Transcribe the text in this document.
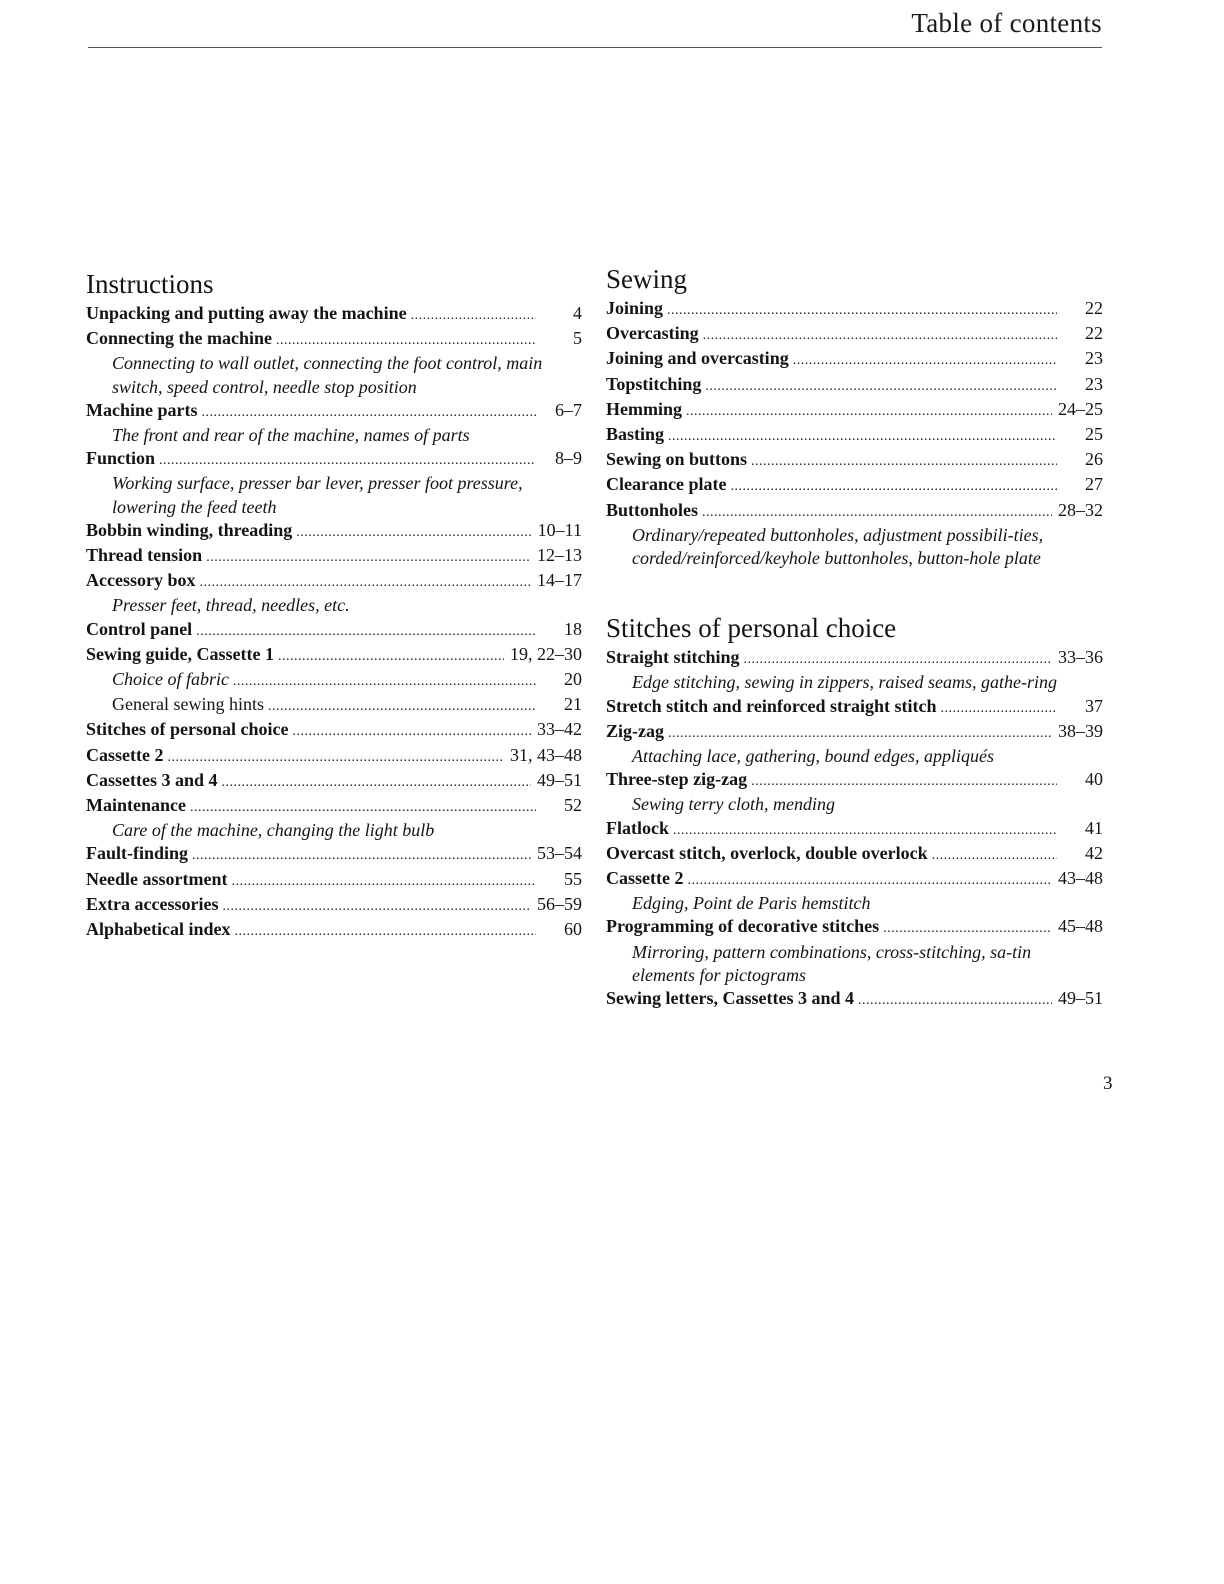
Table of contents
Instructions
Unpacking and putting away the machine . . .	4
Connecting the machine . . .	5
Connecting to wall outlet, connecting the foot control, main switch, speed control, needle stop position
Machine parts . . .	6–7
The front and rear of the machine, names of parts
Function . . .	8–9
Working surface, presser bar lever, presser foot pressure, lowering the feed teeth
Bobbin winding, threading . . .	10–11
Thread tension . . .	12–13
Accessory box . . .	14–17
Presser feet, thread, needles, etc.
Control panel . . .	18
Sewing guide, Cassette 1 . . .	19, 22–30
Choice of fabric . . .	20
General sewing hints . . .	21
Stitches of personal choice . . .	33–42
Cassette 2 . . .	31, 43–48
Cassettes 3 and 4 . . .	49–51
Maintenance . . .	52
Care of the machine, changing the light bulb
Fault-finding . . .	53–54
Needle assortment . . .	55
Extra accessories . . .	56–59
Alphabetical index . . .	60
Sewing
Joining . . .	22
Overcasting . . .	22
Joining and overcasting . . .	23
Topstitching . . .	23
Hemming . . .	24–25
Basting . . .	25
Sewing on buttons . . .	26
Clearance plate . . .	27
Buttonholes . . .	28–32
Ordinary/repeated buttonholes, adjustment possibili-ties, corded/reinforced/keyhole buttonholes, button-hole plate
Stitches of personal choice
Straight stitching . . .	33–36
Edge stitching, sewing in zippers, raised seams, gathe-ring
Stretch stitch and reinforced straight stitch . . .	37
Zig-zag . . .	38–39
Attaching lace, gathering, bound edges, appliqués
Three-step zig-zag . . .	40
Sewing terry cloth, mending
Flatlock . . .	41
Overcast stitch, overlock, double overlock . . .	42
Cassette 2 . . .	43–48
Edging, Point de Paris hemstitch
Programming of decorative stitches . . .	45–48
Mirroring, pattern combinations, cross-stitching, sa-tin elements for pictograms
Sewing letters, Cassettes 3 and 4 . . .	49–51
3
